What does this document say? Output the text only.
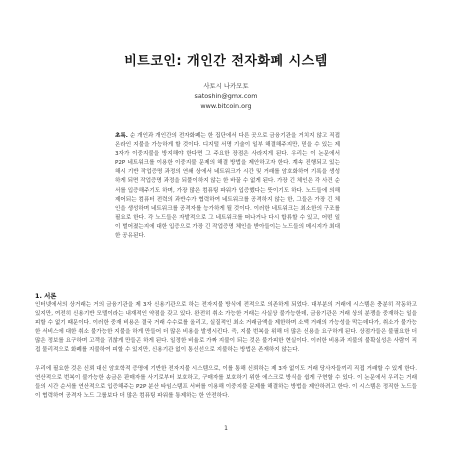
비트코인: 개인간 전자화폐 시스템
사토시 나카모토
satoshin@gmx.com
www.bitcoin.org
초록. 순 개인과 개인간의 전자화폐는 한 집단에서 다른 곳으로 금융기관을 거치지 않고 직접 온라인 지불을 가능하게 할 것이다. 디지털 서명 기술이 일부 해결해주지만, 믿을 수 있는 제 3자가 이중지불을 방지해야 한다면 그 주요한 장점은 사라지게 된다. 우리는 이 논문에서 P2P 네트워크를 이용한 이중지불 문제의 해결 방법을 제안하고자 한다. 계속 진행되고 있는 해시 기반 작업증명 과정의 연쇄 상에서 네트워크가 시간 및 거래를 암호화하여 기록을 생성하게 되면 작업증명 과정을 되풀이하지 않는 한 바꿀 수 없게 된다. 가장 긴 체인은 각 사건 순서를 입증해주기도 하며, 가장 많은 컴퓨팅 파워가 입증했다는 뜻이기도 하다. 노드들에 의해 제어되는 컴퓨터 전력의 과반수가 협력하여 네트워크를 공격하지 않는 한, 그들은 가장 긴 체인을 생성하며 네트워크를 공격자를 능가하게 될 것이다. 이러한 네트워크는 최소한의 구조를 필요로 한다. 각 노드들은 자발적으로 그 네트워크를 떠나거나 다시 합류할 수 있고, 어떤 일이 벌어졌는지에 대한 입증으로 가장 긴 작업증명 체인을 받아들이는 노드들의 메시지가 최대한 공유된다.
1. 서론
인터넷에서의 상거래는 거의 금융기관을 제 3자 신용기관으로 하는 전자지불 방식에 전적으로 의존하게 되었다. 대부분의 거래에 시스템은 충분히 작동하고 있지만, 여전히 신용기반 모델이라는 내재적인 약점을 갖고 있다. 완전히 취소 가능한 거래는 사실상 불가능한데, 금융기관은 거래 상의 분쟁을 중재하는 일을 피할 수 없기 때문이다. 이러한 중재 비용은 결국 거래 수수료를 올리고, 실질적인 최소 거래금액을 제한하며 소액 거래의 가능성을 막는데다가, 취소가 불가능한 서비스에 대한 취소 불가능한 지불을 하게 만들어 더 많은 비용을 발생시킨다. 즉, 지불 번복을 위해 더 많은 신용을 요구하게 된다. 상점가들은 불필요한 더 많은 정보를 요구하며 고객을 귀찮게 만들곤 하게 된다. 일정한 비율로 가짜 지불이 되는 것은 불가피한 현실이다. 이러한 비용과 지불의 불확실성은 사람이 직접 물리적으로 화폐를 지불하여 피할 수 있지만, 신용기관 없이 통신선으로 지불하는 방법은 존재하지 않는다.
우리에 필요한 것은 신뢰 대신 암호학적 증명에 기반한 전자지불 시스템으로, 이를 통해 신뢰하는 제 3자 없이도 거래 당사자들끼리 직접 거래할 수 있게 한다. 연산적으로 번복이 불가능한 송금은 판매자를 사기로부터 보호하고, 구매자를 보호하기 위한 에스크로 방식을 쉽게 구현할 수 있다. 이 논문에서 우리는 거래들의 시간 순서를 연산적으로 입증해주는 P2P 분산 타임스탬프 서버를 이용해 이중지불 문제를 해결하는 방법을 제안하려고 한다. 이 시스템은 정직한 노드들이 협력하여 공격자 노드 그룹보다 더 많은 컴퓨팅 파워를 통제하는 한 안전하다.
1
